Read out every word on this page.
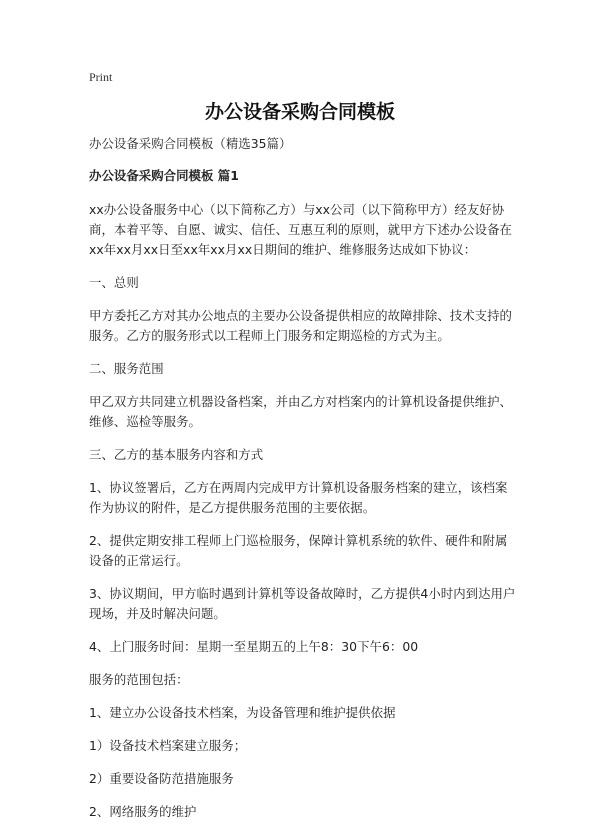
Print
办公设备采购合同模板

办公设备采购合同模板（精选35篇）

办公设备采购合同模板 篇1

xx办公设备服务中心（以下简称乙方）与xx公司（以下简称甲方）经友好协商，本着平等、自愿、诚实、信任、互惠互利的原则，就甲方下述办公设备在xx年xx月xx日至xx年xx月xx日期间的维护、维修服务达成如下协议：

一、总则

甲方委托乙方对其办公地点的主要办公设备提供相应的故障排除、技术支持的服务。乙方的服务形式以工程师上门服务和定期巡检的方式为主。

二、服务范围

甲乙双方共同建立机器设备档案，并由乙方对档案内的计算机设备提供维护、维修、巡检等服务。

三、乙方的基本服务内容和方式

1、协议签署后，乙方在两周内完成甲方计算机设备服务档案的建立，该档案作为协议的附件，是乙方提供服务范围的主要依据。

2、提供定期安排工程师上门巡检服务，保障计算机系统的软件、硬件和附属设备的正常运行。

3、协议期间，甲方临时遇到计算机等设备故障时，乙方提供4小时内到达用户现场，并及时解决问题。

4、上门服务时间：星期一至星期五的上午8：30下午6：00

服务的范围包括：

1、建立办公设备技术档案，为设备管理和维护提供依据

1）设备技术档案建立服务；

2）重要设备防范措施服务

2、网络服务的维护
